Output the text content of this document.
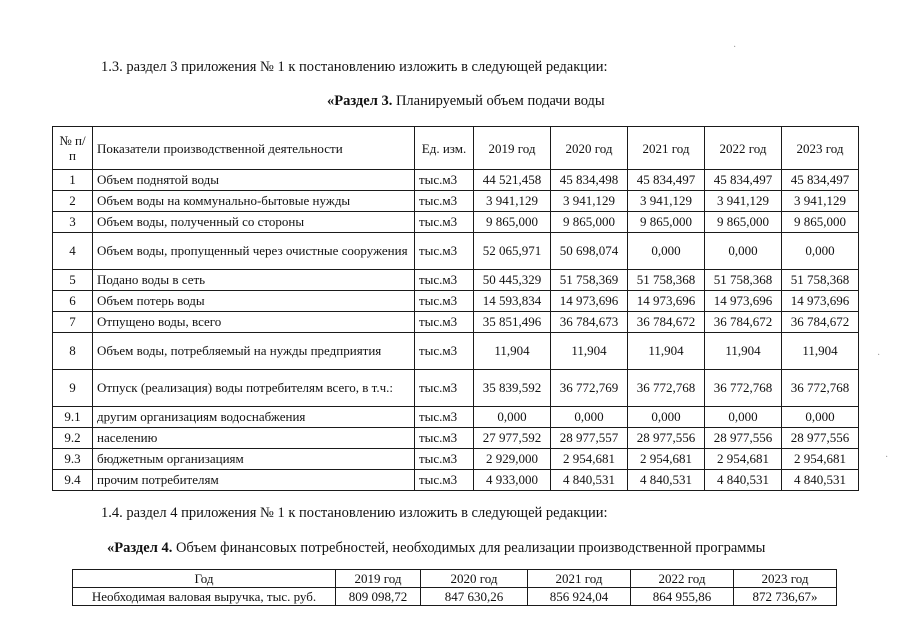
1.3. раздел 3 приложения № 1 к постановлению изложить в следующей редакции:
«Раздел 3. Планируемый объем подачи воды
№ п/п	Показатели производственной деятельности	Ед. изм.	2019 год	2020 год	2021 год	2022 год	2023 год
1	Объем поднятой воды	тыс.м3	44 521,458	45 834,498	45 834,497	45 834,497	45 834,497
2	Объем воды на коммунально-бытовые нужды	тыс.м3	3 941,129	3 941,129	3 941,129	3 941,129	3 941,129
3	Объем воды, полученный со стороны	тыс.м3	9 865,000	9 865,000	9 865,000	9 865,000	9 865,000
4	Объем воды, пропущенный через очистные сооружения	тыс.м3	52 065,971	50 698,074	0,000	0,000	0,000
5	Подано воды в сеть	тыс.м3	50 445,329	51 758,369	51 758,368	51 758,368	51 758,368
6	Объем потерь воды	тыс.м3	14 593,834	14 973,696	14 973,696	14 973,696	14 973,696
7	Отпущено воды, всего	тыс.м3	35 851,496	36 784,673	36 784,672	36 784,672	36 784,672
8	Объем воды, потребляемый на нужды предприятия	тыс.м3	11,904	11,904	11,904	11,904	11,904
9	Отпуск (реализация) воды потребителям всего, в т.ч.:	тыс.м3	35 839,592	36 772,769	36 772,768	36 772,768	36 772,768
9.1	другим организациям водоснабжения	тыс.м3	0,000	0,000	0,000	0,000	0,000
9.2	населению	тыс.м3	27 977,592	28 977,557	28 977,556	28 977,556	28 977,556
9.3	бюджетным организациям	тыс.м3	2 929,000	2 954,681	2 954,681	2 954,681	2 954,681
9.4	прочим потребителям	тыс.м3	4 933,000	4 840,531	4 840,531	4 840,531	4 840,531
1.4. раздел 4 приложения № 1 к постановлению изложить в следующей редакции:
«Раздел 4. Объем финансовых потребностей, необходимых для реализации производственной программы
Год	2019 год	2020 год	2021 год	2022 год	2023 год
Необходимая валовая выручка, тыс. руб.	809 098,72	847 630,26	856 924,04	864 955,86	872 736,67»
·
·
·
